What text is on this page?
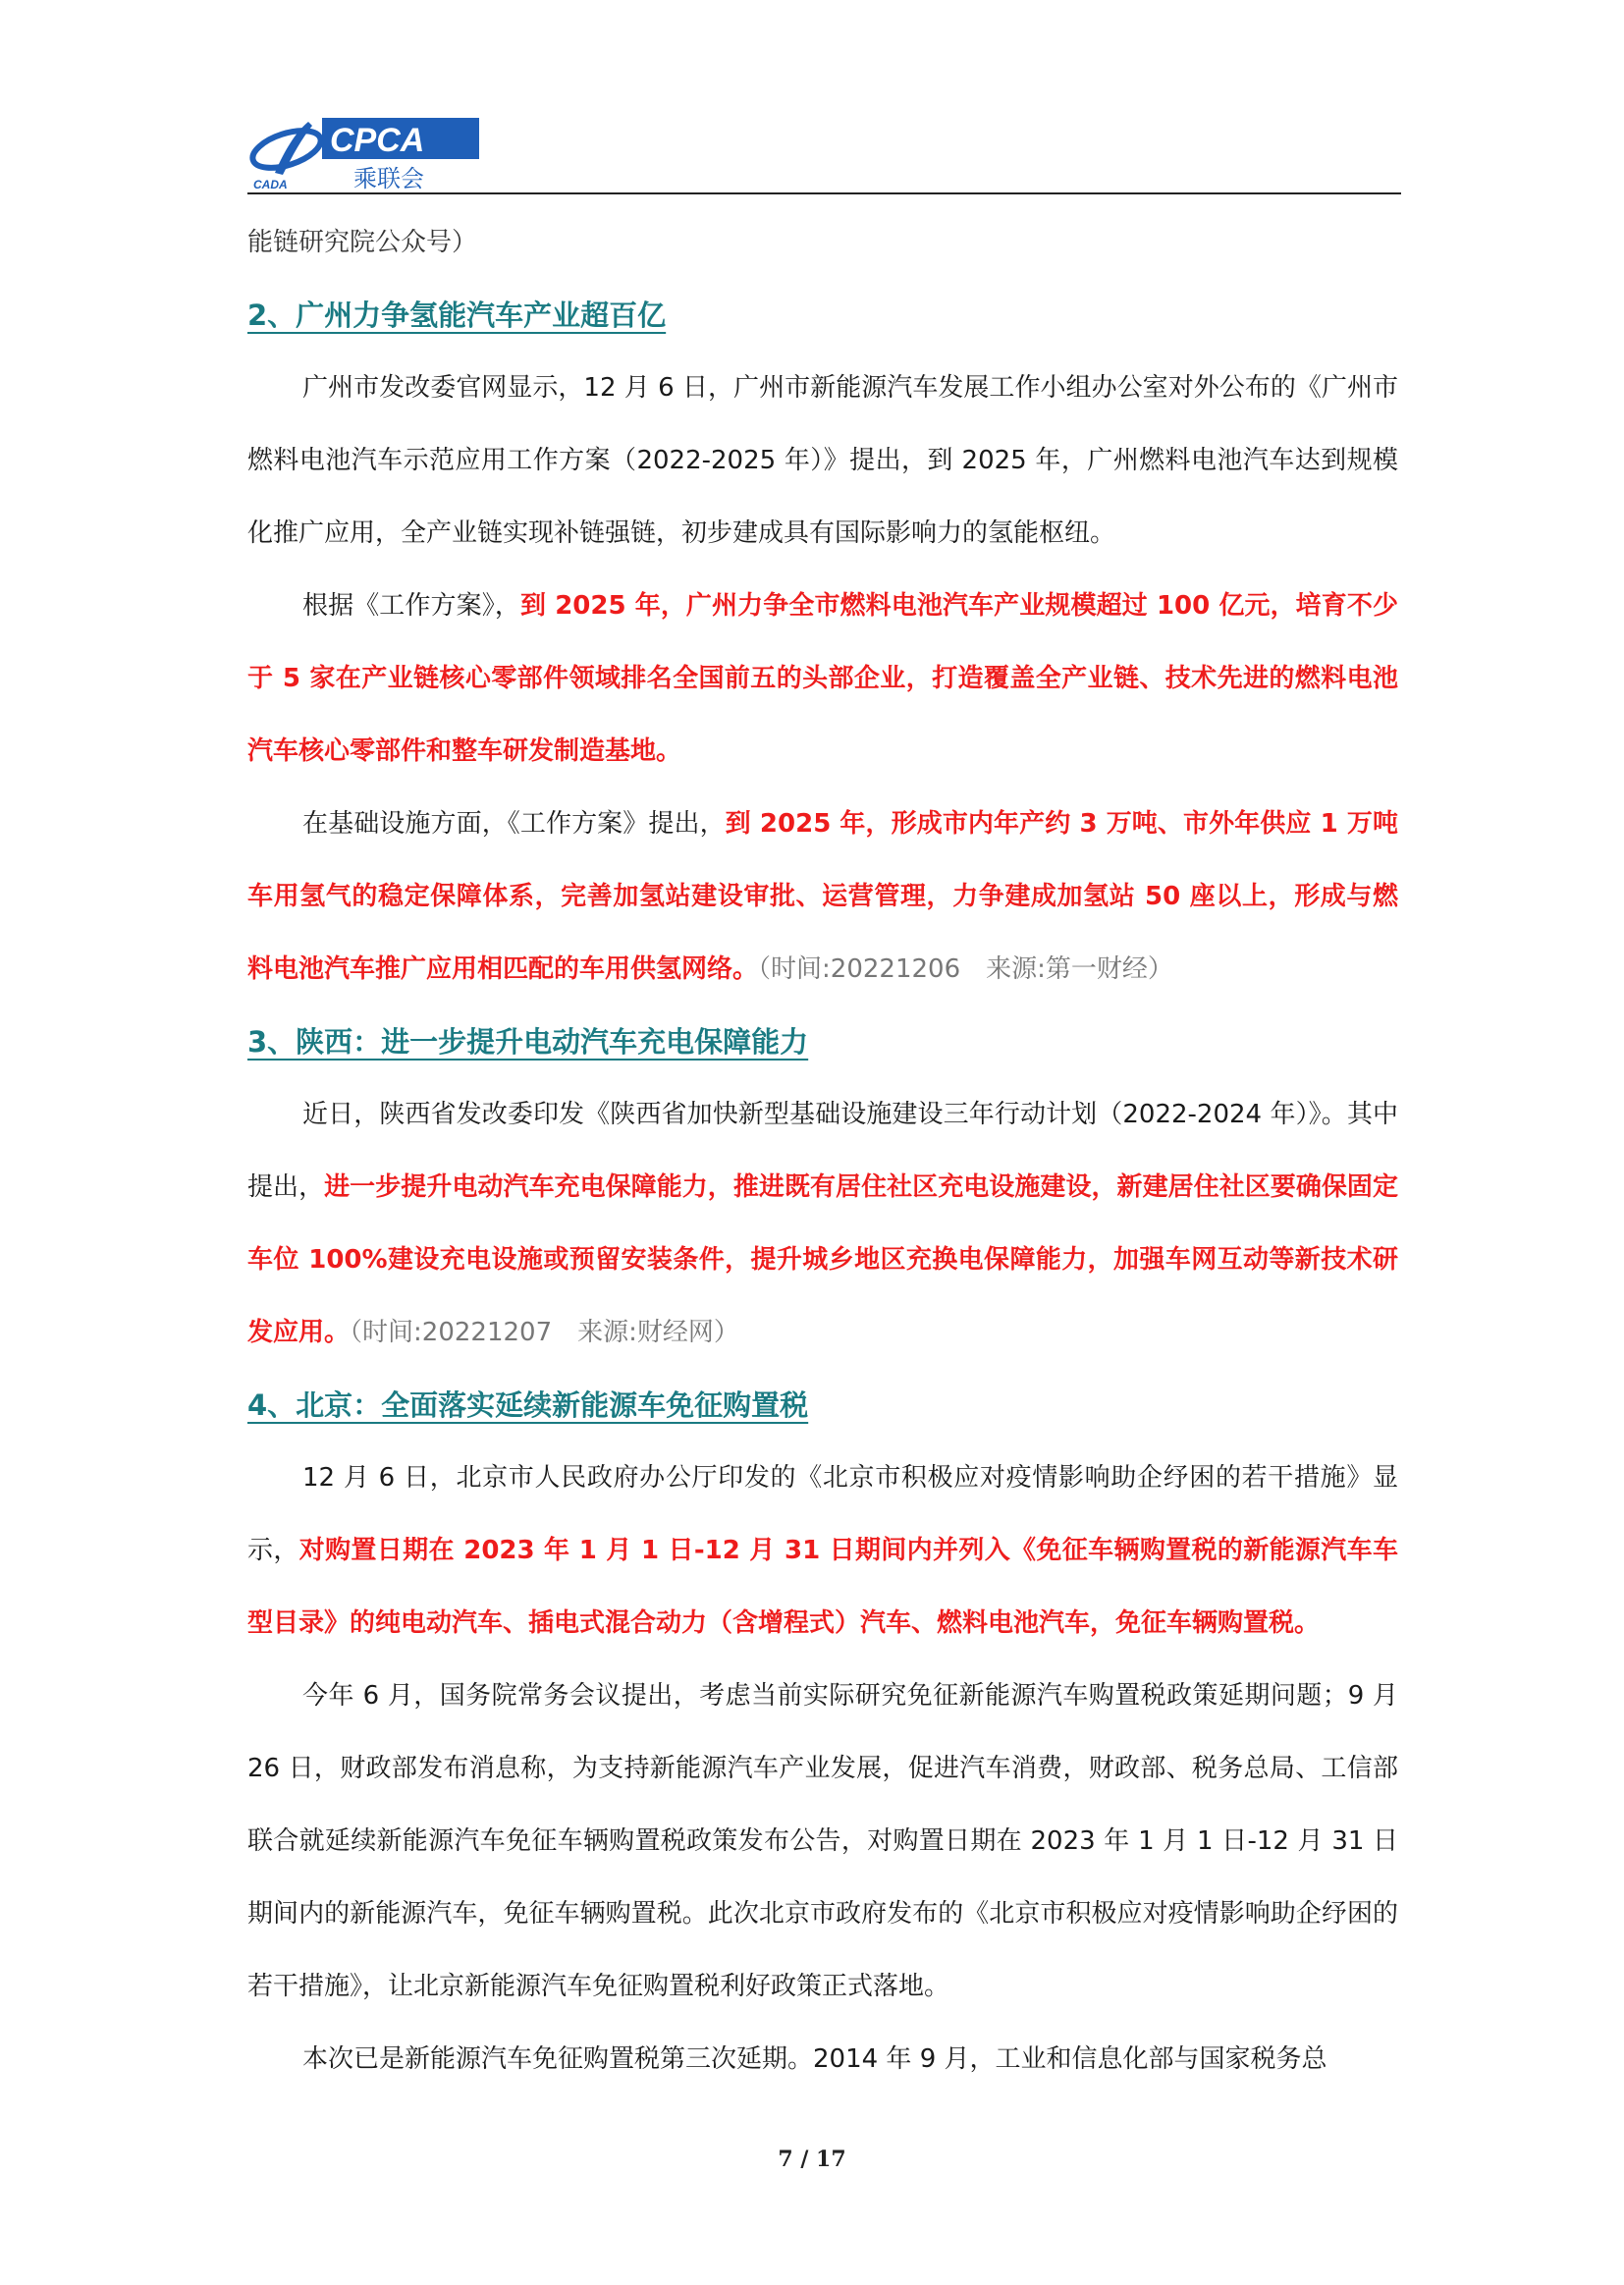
CADA
CPCA
乘联会

能链研究院公众号）

2、广州力争氢能汽车产业超百亿

广州市发改委官网显示，12 月 6 日，广州市新能源汽车发展工作小组办公室对外公布的《广州市燃料电池汽车示范应用工作方案（2022-2025 年）》提出，到 2025 年，广州燃料电池汽车达到规模化推广应用，全产业链实现补链强链，初步建成具有国际影响力的氢能枢纽。

根据《工作方案》，到 2025 年，广州力争全市燃料电池汽车产业规模超过 100 亿元，培育不少于 5 家在产业链核心零部件领域排名全国前五的头部企业，打造覆盖全产业链、技术先进的燃料电池汽车核心零部件和整车研发制造基地。

在基础设施方面，《工作方案》提出，到 2025 年，形成市内年产约 3 万吨、市外年供应 1 万吨车用氢气的稳定保障体系，完善加氢站建设审批、运营管理，力争建成加氢站 50 座以上，形成与燃料电池汽车推广应用相匹配的车用供氢网络。（时间:20221206　来源:第一财经）

3、陕西：进一步提升电动汽车充电保障能力

近日，陕西省发改委印发《陕西省加快新型基础设施建设三年行动计划（2022-2024 年）》。其中提出，进一步提升电动汽车充电保障能力，推进既有居住社区充电设施建设，新建居住社区要确保固定车位 100%建设充电设施或预留安装条件，提升城乡地区充换电保障能力，加强车网互动等新技术研发应用。（时间:20221207　来源:财经网）

4、北京：全面落实延续新能源车免征购置税

12 月 6 日，北京市人民政府办公厅印发的《北京市积极应对疫情影响助企纾困的若干措施》显示，对购置日期在 2023 年 1 月 1 日-12 月 31 日期间内并列入《免征车辆购置税的新能源汽车车型目录》的纯电动汽车、插电式混合动力（含增程式）汽车、燃料电池汽车，免征车辆购置税。

今年 6 月，国务院常务会议提出，考虑当前实际研究免征新能源汽车购置税政策延期问题；9 月 26 日，财政部发布消息称，为支持新能源汽车产业发展，促进汽车消费，财政部、税务总局、工信部联合就延续新能源汽车免征车辆购置税政策发布公告，对购置日期在 2023 年 1 月 1 日-12 月 31 日期间内的新能源汽车，免征车辆购置税。此次北京市政府发布的《北京市积极应对疫情影响助企纾困的若干措施》，让北京新能源汽车免征购置税利好政策正式落地。

本次已是新能源汽车免征购置税第三次延期。2014 年 9 月，工业和信息化部与国家税务总

7 / 17
